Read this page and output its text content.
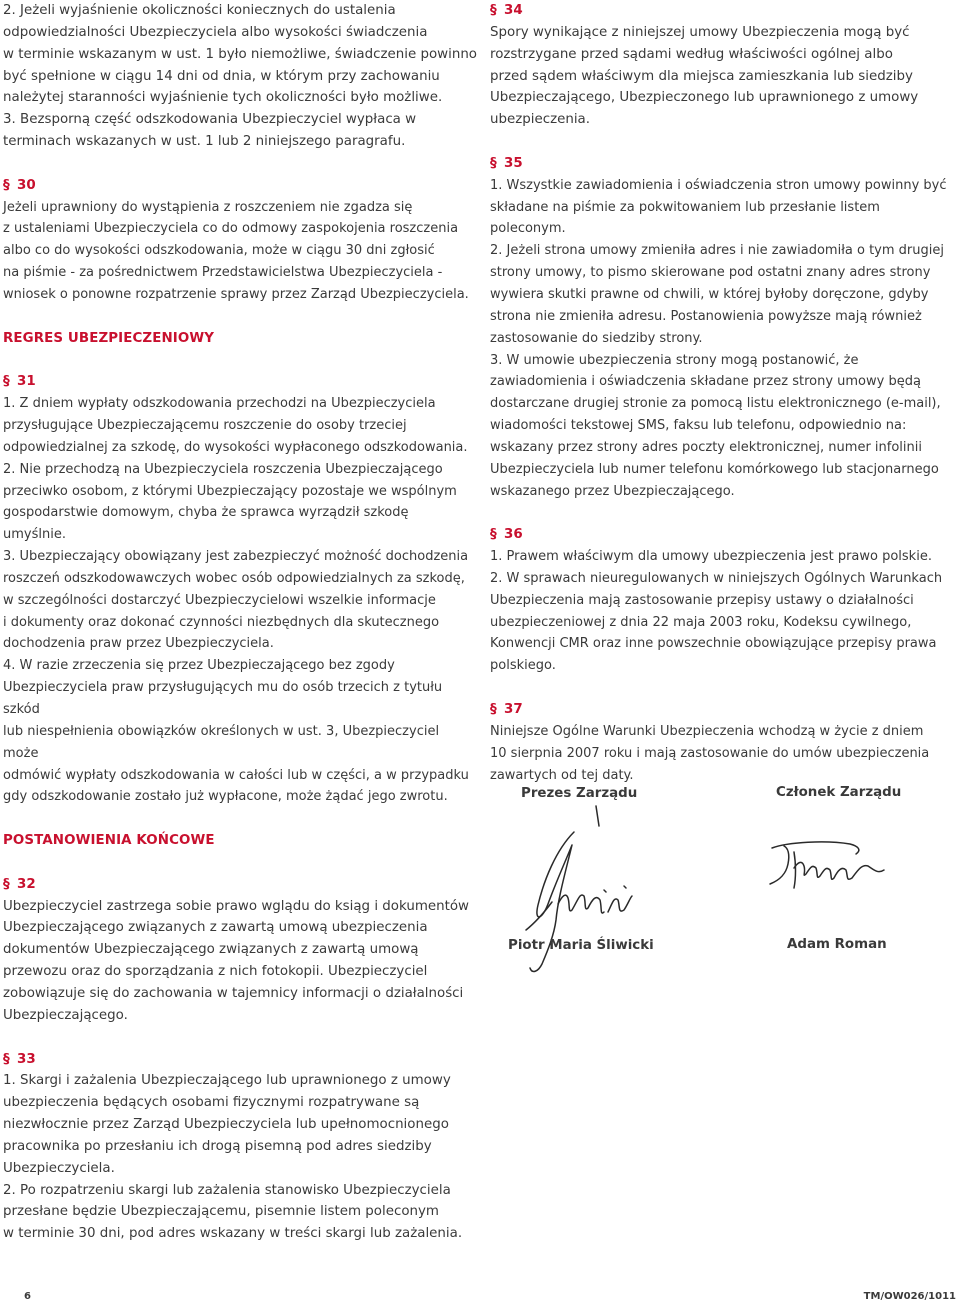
2. Jeżeli wyjaśnienie okoliczności koniecznych do ustalenia
odpowiedzialności Ubezpieczyciela albo wysokości świadczenia
w terminie wskazanym w ust. 1 było niemożliwe, świadczenie powinno
być spełnione w ciągu 14 dni od dnia, w którym przy zachowaniu
należytej staranności wyjaśnienie tych okoliczności było możliwe.

3. Bezsporną część odszkodowania Ubezpieczyciel wypłaca w
terminach wskazanych w ust. 1 lub 2 niniejszego paragrafu.

§ 30

Jeżeli uprawniony do wystąpienia z roszczeniem nie zgadza się
z ustaleniami Ubezpieczyciela co do odmowy zaspokojenia roszczenia
albo co do wysokości odszkodowania, może w ciągu 30 dni zgłosić
na piśmie - za pośrednictwem Przedstawicielstwa Ubezpieczyciela -
wniosek o ponowne rozpatrzenie sprawy przez Zarząd Ubezpieczyciela.

REGRES UBEZPIECZENIOWY

§ 31

1. Z dniem wypłaty odszkodowania przechodzi na Ubezpieczyciela
przysługujące Ubezpieczającemu roszczenie do osoby trzeciej
odpowiedzialnej za szkodę, do wysokości wypłaconego odszkodowania.

2. Nie przechodzą na Ubezpieczyciela roszczenia Ubezpieczającego
przeciwko osobom, z którymi Ubezpieczający pozostaje we wspólnym
gospodarstwie domowym, chyba że sprawca wyrządził szkodę
umyślnie.

3. Ubezpieczający obowiązany jest zabezpieczyć możność dochodzenia
roszczeń odszkodowawczych wobec osób odpowiedzialnych za szkodę,
w szczególności dostarczyć Ubezpieczycielowi wszelkie informacje
i dokumenty oraz dokonać czynności niezbędnych dla skutecznego
dochodzenia praw przez Ubezpieczyciela.

4. W razie zrzeczenia się przez Ubezpieczającego bez zgody
Ubezpieczyciela praw przysługujących mu do osób trzecich z tytułu szkód
lub niespełnienia obowiązków określonych w ust. 3, Ubezpieczyciel może
odmówić wypłaty odszkodowania w całości lub w części, a w przypadku
gdy odszkodowanie zostało już wypłacone, może żądać jego zwrotu.

POSTANOWIENIA KOŃCOWE

§ 32

Ubezpieczyciel zastrzega sobie prawo wglądu do ksiąg i dokumentów
Ubezpieczającego związanych z zawartą umową ubezpieczenia
dokumentów Ubezpieczającego związanych z zawartą umową
przewozu oraz do sporządzania z nich fotokopii. Ubezpieczyciel
zobowiązuje się do zachowania w tajemnicy informacji o działalności
Ubezpieczającego.

§ 33

1. Skargi i zażalenia Ubezpieczającego lub uprawnionego z umowy
ubezpieczenia będących osobami fizycznymi rozpatrywane są
niezwłocznie przez Zarząd Ubezpieczyciela lub upełnomocnionego
pracownika po przesłaniu ich drogą pisemną pod adres siedziby
Ubezpieczyciela.

2. Po rozpatrzeniu skargi lub zażalenia stanowisko Ubezpieczyciela
przesłane będzie Ubezpieczającemu, pisemnie listem poleconym
w terminie 30 dni, pod adres wskazany w treści skargi lub zażalenia.

§ 34

Spory wynikające z niniejszej umowy Ubezpieczenia mogą być
rozstrzygane przed sądami według właściwości ogólnej albo
przed sądem właściwym dla miejsca zamieszkania lub siedziby
Ubezpieczającego, Ubezpieczonego lub uprawnionego z umowy
ubezpieczenia.

§ 35

1. Wszystkie zawiadomienia i oświadczenia stron umowy powinny być
składane na piśmie za pokwitowaniem lub przesłanie listem poleconym.

2. Jeżeli strona umowy zmieniła adres i nie zawiadomiła o tym drugiej
strony umowy, to pismo skierowane pod ostatni znany adres strony
wywiera skutki prawne od chwili, w której byłoby doręczone, gdyby
strona nie zmieniła adresu. Postanowienia powyższe mają również
zastosowanie do siedziby strony.

3. W umowie ubezpieczenia strony mogą postanowić, że
zawiadomienia i oświadczenia składane przez strony umowy będą
dostarczane drugiej stronie za pomocą listu elektronicznego (e-mail),
wiadomości tekstowej SMS, faksu lub telefonu, odpowiednio na:
wskazany przez strony adres poczty elektronicznej, numer infolinii
Ubezpieczyciela lub numer telefonu komórkowego lub stacjonarnego
wskazanego przez Ubezpieczającego.

§ 36

1. Prawem właściwym dla umowy ubezpieczenia jest prawo polskie.

2. W sprawach nieuregulowanych w niniejszych Ogólnych Warunkach
Ubezpieczenia mają zastosowanie przepisy ustawy o działalności
ubezpieczeniowej z dnia 22 maja 2003 roku, Kodeksu cywilnego,
Konwencji CMR oraz inne powszechnie obowiązujące przepisy prawa
polskiego.

§ 37

Niniejsze Ogólne Warunki Ubezpieczenia wchodzą w życie z dniem
10 sierpnia 2007 roku i mają zastosowanie do umów ubezpieczenia
zawartych od tej daty.

Prezes Zarządu	Członek Zarządu
Piotr Maria Śliwicki	Adam Roman
6	TM/OW026/1011
